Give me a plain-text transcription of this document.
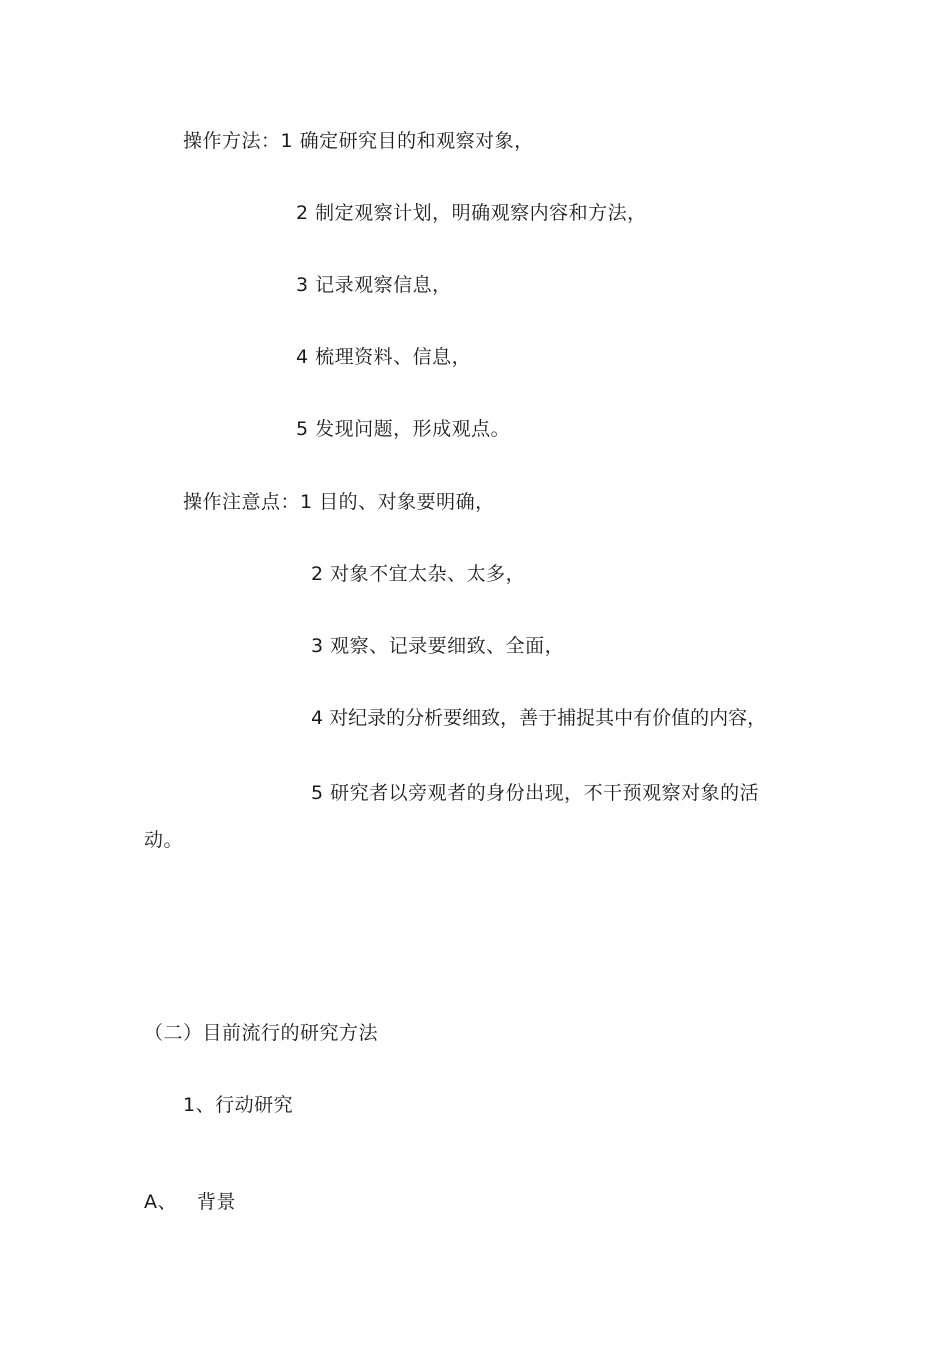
操作方法：1 确定研究目的和观察对象，
2 制定观察计划，明确观察内容和方法，
3 记录观察信息，
4 梳理资料、信息，
5 发现问题，形成观点。
操作注意点：1 目的、对象要明确，
2 对象不宜太杂、太多，
3 观察、记录要细致、全面，
4 对纪录的分析要细致，善于捕捉其中有价值的内容，
5 研究者以旁观者的身份出现，不干预观察对象的活
动。
（二）目前流行的研究方法
1、行动研究
A、 背景
